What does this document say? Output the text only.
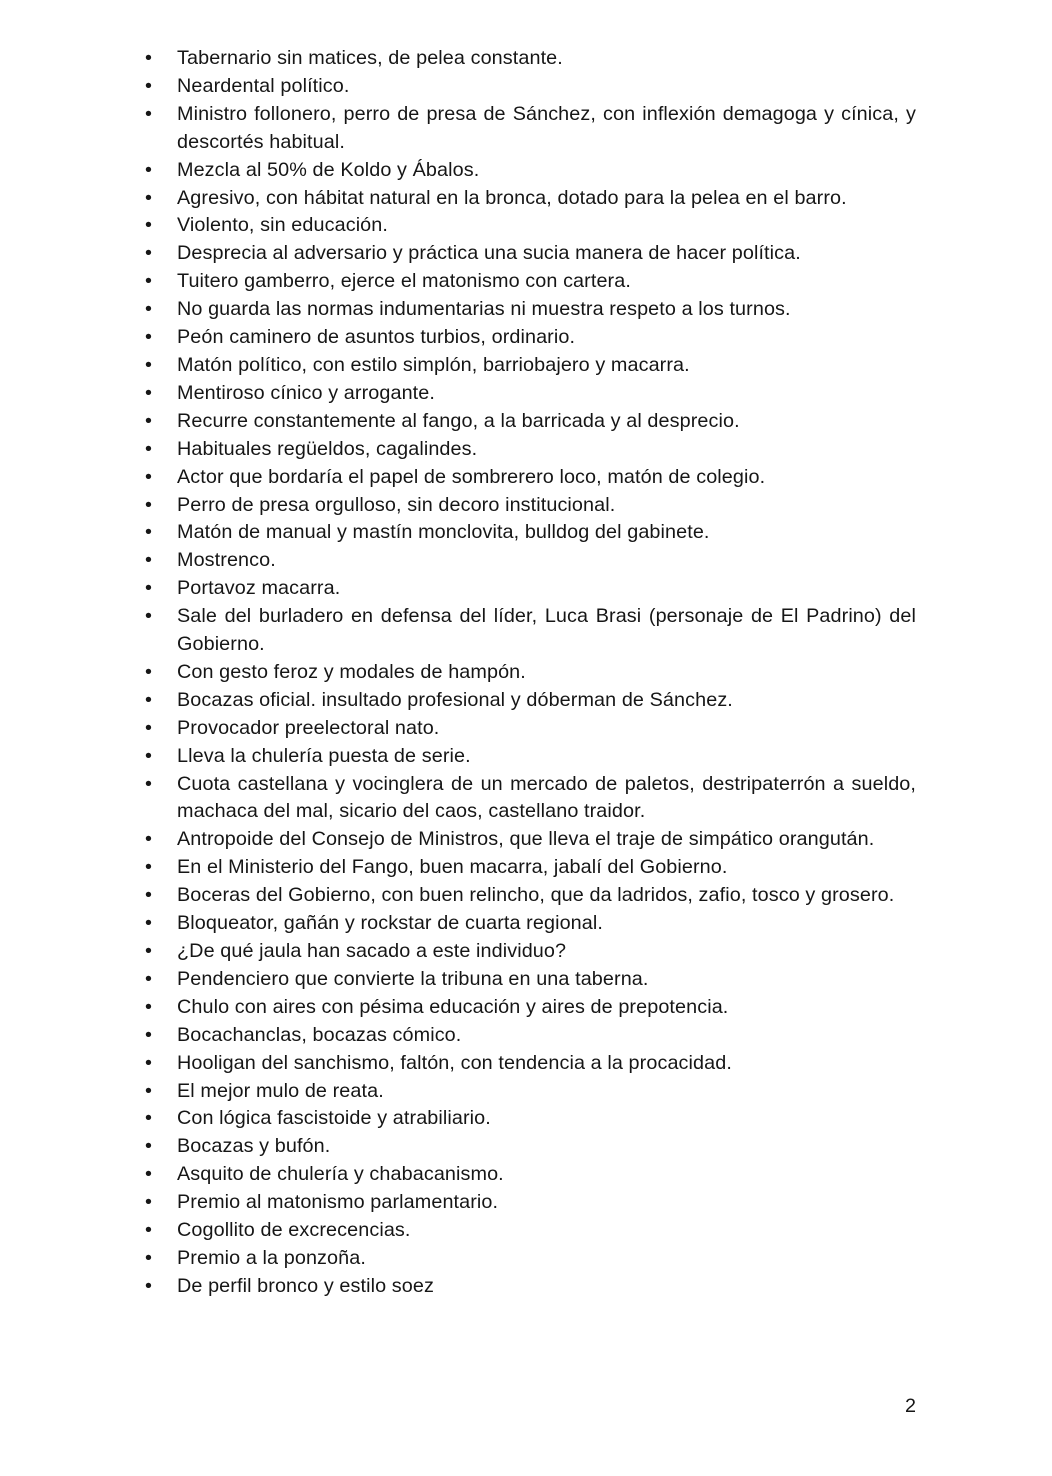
• Tabernario sin matices, de pelea constante.
• Neardental político.
• Ministro follonero, perro de presa de Sánchez, con inflexión demagoga y cínica, y descortés habitual.
• Mezcla al 50% de Koldo y Ábalos.
• Agresivo, con hábitat natural en la bronca, dotado para la pelea en el barro.
• Violento, sin educación.
• Desprecia al adversario y práctica una sucia manera de hacer política.
• Tuitero gamberro, ejerce el matonismo con cartera.
• No guarda las normas indumentarias ni muestra respeto a los turnos.
• Peón caminero de asuntos turbios, ordinario.
• Matón político, con estilo simplón, barriobajero y macarra.
• Mentiroso cínico y arrogante.
• Recurre constantemente al fango, a la barricada y al desprecio.
• Habituales regüeldos, cagalindes.
• Actor que bordaría el papel de sombrerero loco, matón de colegio.
• Perro de presa orgulloso, sin decoro institucional.
• Matón de manual y mastín monclovita, bulldog del gabinete.
• Mostrenco.
• Portavoz macarra.
• Sale del burladero en defensa del líder, Luca Brasi (personaje de El Padrino) del Gobierno.
• Con gesto feroz y modales de hampón.
• Bocazas oficial. insultado profesional y dóberman de Sánchez.
• Provocador preelectoral nato.
• Lleva la chulería puesta de serie.
• Cuota castellana y vocinglera de un mercado de paletos, destripaterrón a sueldo, machaca del mal, sicario del caos, castellano traidor.
• Antropoide del Consejo de Ministros, que lleva el traje de simpático orangután.
• En el Ministerio del Fango, buen macarra, jabalí del Gobierno.
• Boceras del Gobierno, con buen relincho, que da ladridos, zafio, tosco y grosero.
• Bloqueator, gañán y rockstar de cuarta regional.
• ¿De qué jaula han sacado a este individuo?
• Pendenciero que convierte la tribuna en una taberna.
• Chulo con aires con pésima educación y aires de prepotencia.
• Bocachanclas, bocazas cómico.
• Hooligan del sanchismo, faltón, con tendencia a la procacidad.
• El mejor mulo de reata.
• Con lógica fascistoide y atrabiliario.
• Bocazas y bufón.
• Asquito de chulería y chabacanismo.
• Premio al matonismo parlamentario.
• Cogollito de excrecencias.
• Premio a la ponzoña.
• De perfil bronco y estilo soez
2
